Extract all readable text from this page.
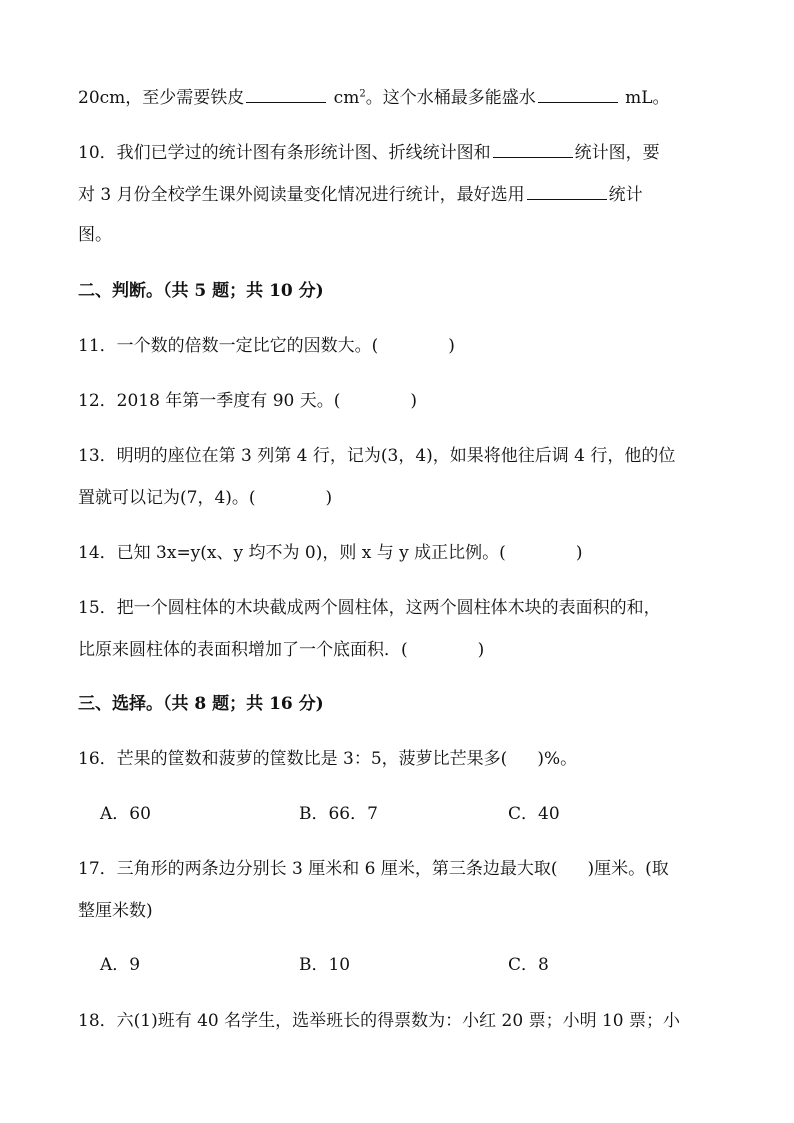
20cm，至少需要铁皮	$cm^2$。这个水桶最多能盛水	mL。
10．我们已学过的统计图有条形统计图、折线统计图和	统计图，要
对 3 月份全校学生课外阅读量变化情况进行统计，最好选用	统计
图。
二、判断。（共 5 题；共 10 分)
11．一个数的倍数一定比它的因数大。(	)
12．2018 年第一季度有 90 天。(	)
13．明明的座位在第 3 列第 4 行，记为(3，4)，如果将他往后调 4 行，他的位
置就可以记为(7，4)。(	)
14．已知 3x=y(x、y 均不为 0)，则 x 与 y 成正比例。(	)
15．把一个圆柱体的木块截成两个圆柱体，这两个圆柱体木块的表面积的和，
比原来圆柱体的表面积增加了一个底面积．(	)
三、选择。（共 8 题；共 16 分)
16．芒果的筐数和菠萝的筐数比是 3：5，菠萝比芒果多( )%。
A．60	B．66．7	C．40
17．三角形的两条边分别长 3 厘米和 6 厘米，第三条边最大取( )厘米。(取
整厘米数)
A．9	B．10	C．8
18．六(1)班有 40 名学生，选举班长的得票数为：小红 20 票；小明 10 票；小
